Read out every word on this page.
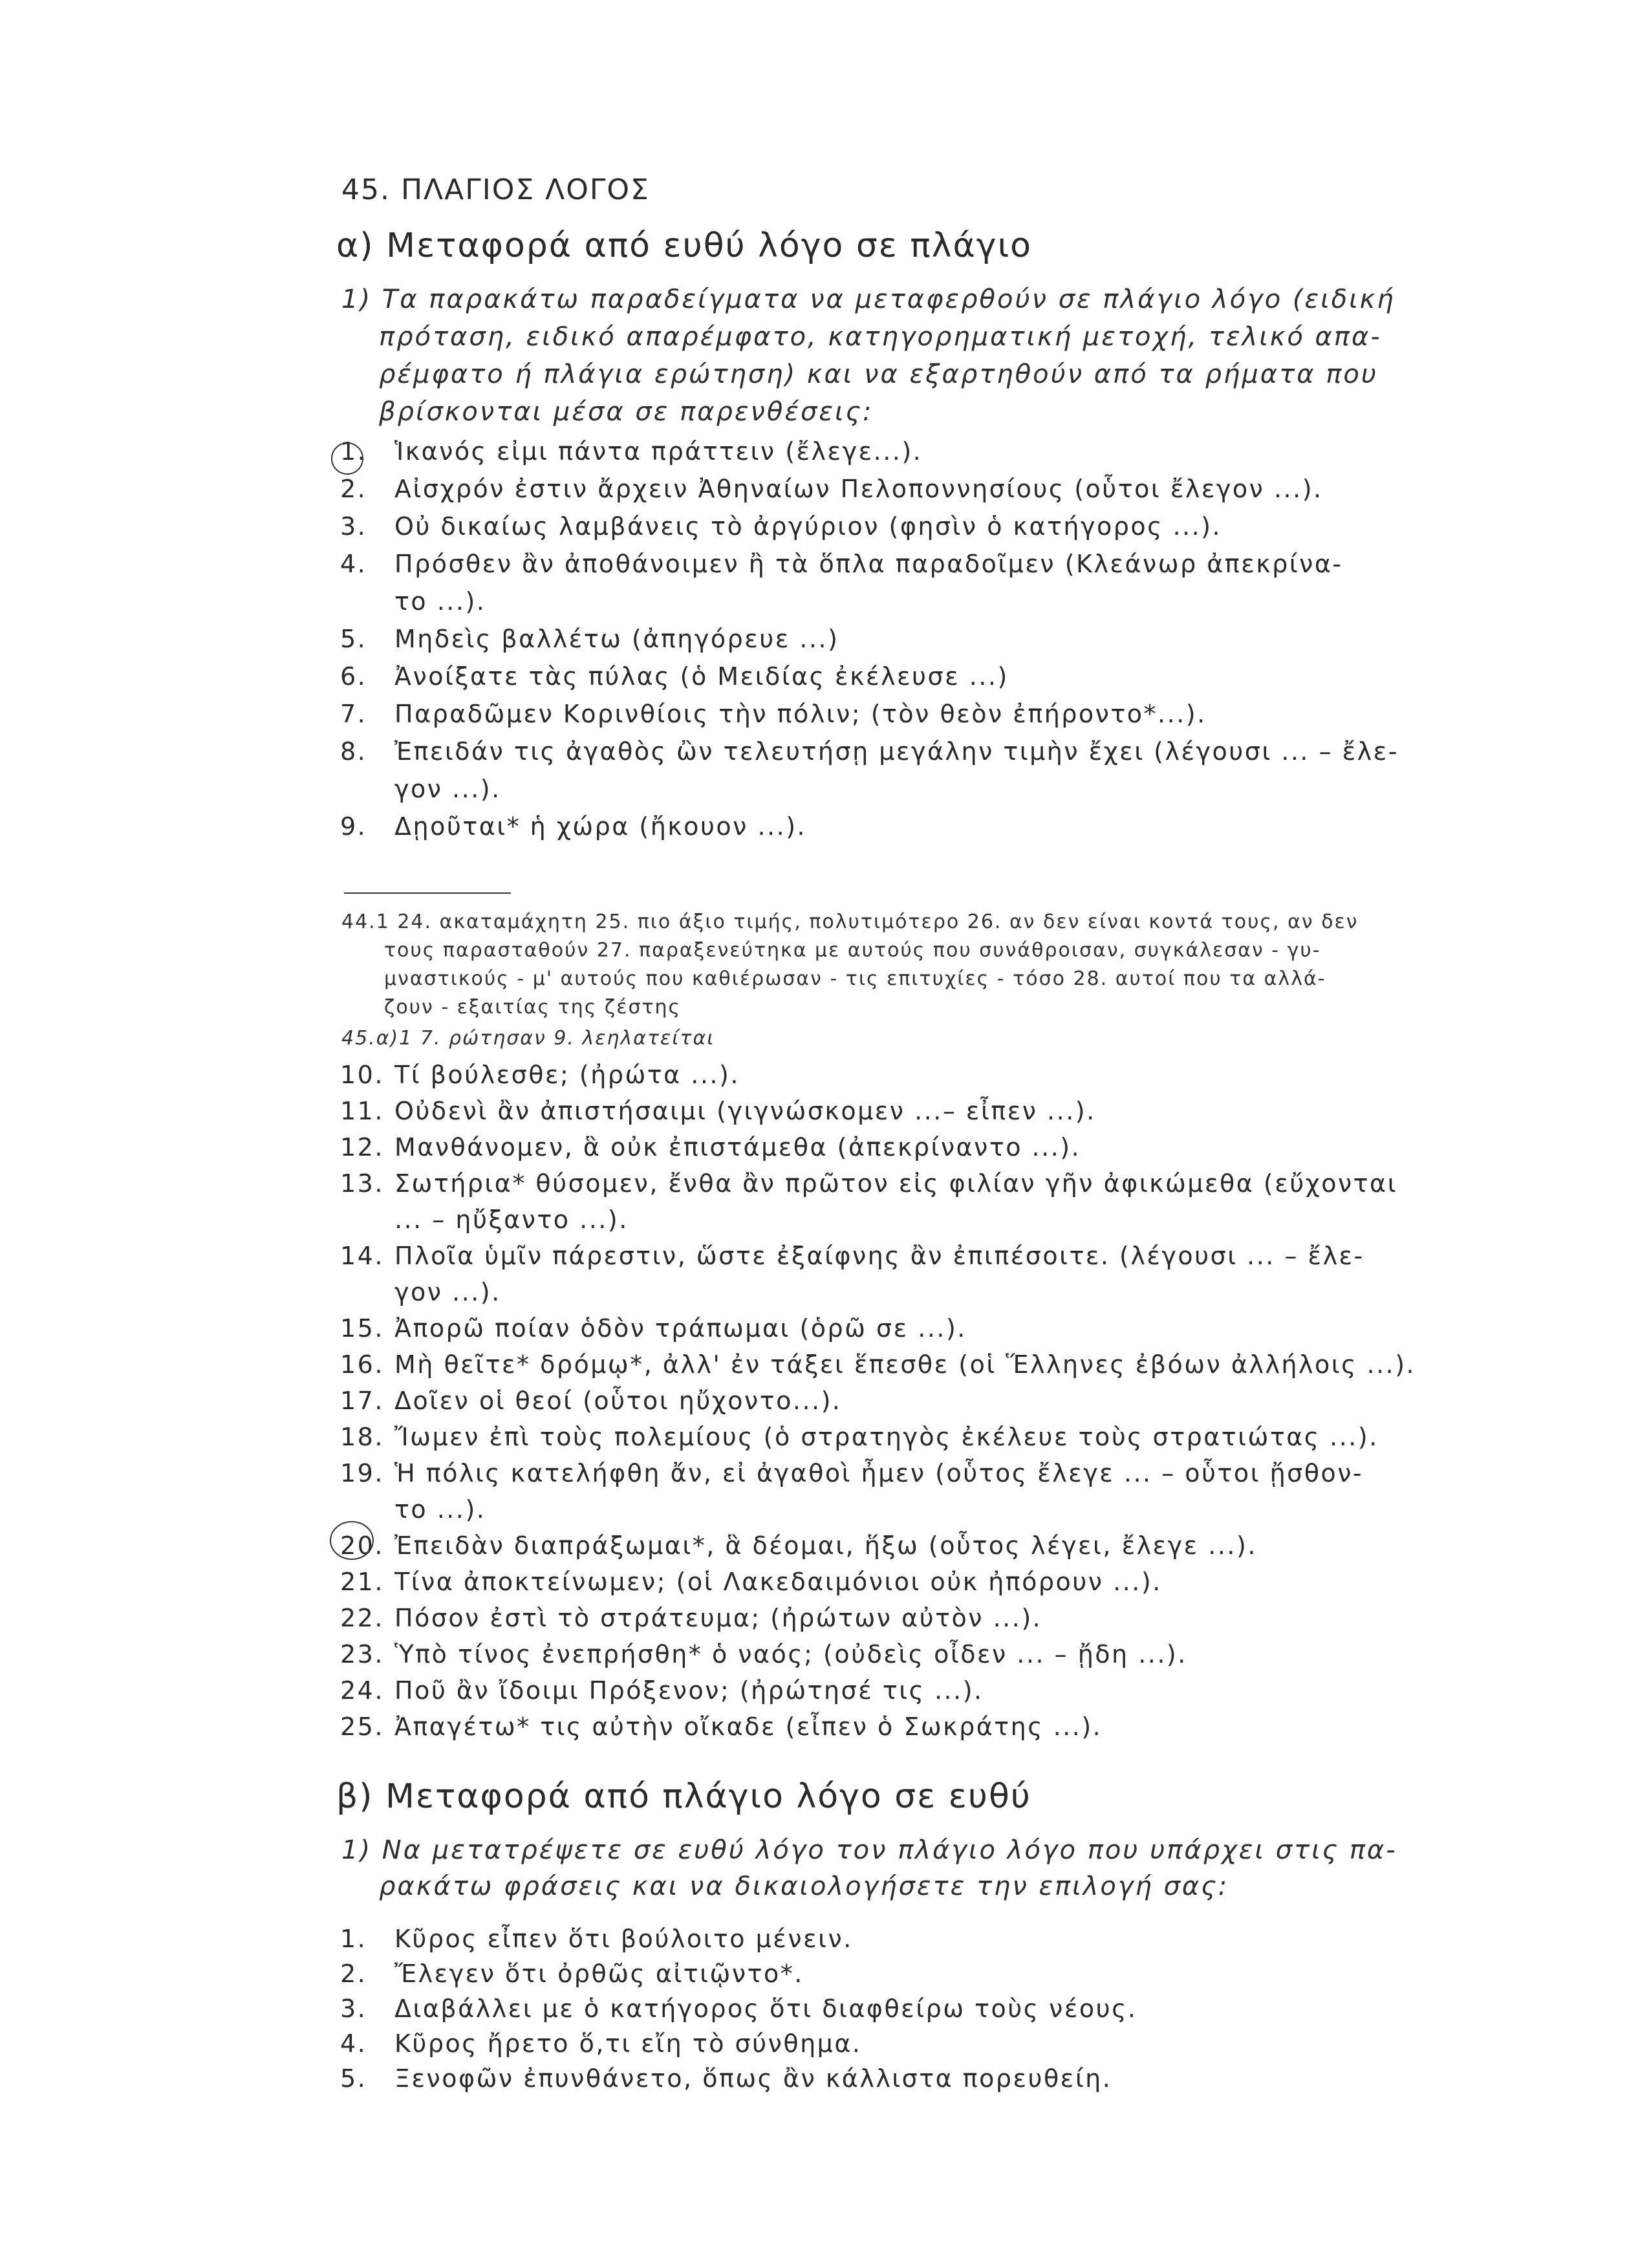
45. ΠΛΑΓΙΟΣ ΛΟΓΟΣ
α) Μεταφορά από ευθύ λόγο σε πλάγιο
1) Τα παρακάτω παραδείγματα να μεταφερθούν σε πλάγιο λόγο (ειδική
πρόταση, ειδικό απαρέμφατο, κατηγορηματική μετοχή, τελικό απα-
ρέμφατο ή πλάγια ερώτηση) και να εξαρτηθούν από τα ρήματα που
βρίσκονται μέσα σε παρενθέσεις:
1. Ἱκανός εἰμι πάντα πράττειν (ἔλεγε...).
2. Αἰσχρόν ἐστιν ἄρχειν Ἀθηναίων Πελοποννησίους (οὗτοι ἔλεγον ...).
3. Οὐ δικαίως λαμβάνεις τὸ ἀργύριον (φησὶν ὁ κατήγορος ...).
4. Πρόσθεν ἂν ἀποθάνοιμεν ἢ τὰ ὅπλα παραδοῖμεν (Κλεάνωρ ἀπεκρίνα-
το ...).
5. Μηδεὶς βαλλέτω (ἀπηγόρευε ...)
6. Ἀνοίξατε τὰς πύλας (ὁ Μειδίας ἐκέλευσε ...)
7. Παραδῶμεν Κορινθίοις τὴν πόλιν; (τὸν θεὸν ἐπήροντο*...).
8. Ἐπειδάν τις ἀγαθὸς ὢν τελευτήσῃ μεγάλην τιμὴν ἔχει (λέγουσι ... – ἔλε-
γον ...).
9. Δῃοῦται* ἡ χώρα (ἤκουον ...).
44.1 24. ακαταμάχητη 25. πιο άξιο τιμής, πολυτιμότερο 26. αν δεν είναι κοντά τους, αν δεν
τους παρασταθούν 27. παραξενεύτηκα με αυτούς που συνάθροισαν, συγκάλεσαν - γυ-
μναστικούς - μ' αυτούς που καθιέρωσαν - τις επιτυχίες - τόσο 28. αυτοί που τα αλλά-
ζουν - εξαιτίας της ζέστης
45.α)1 7. ρώτησαν 9. λεηλατείται
10. Τί βούλεσθε; (ἠρώτα ...).
11. Οὐδενὶ ἂν ἀπιστήσαιμι (γιγνώσκομεν ...– εἶπεν ...).
12. Μανθάνομεν, ἃ οὐκ ἐπιστάμεθα (ἀπεκρίναντο ...).
13. Σωτήρια* θύσομεν, ἔνθα ἂν πρῶτον εἰς φιλίαν γῆν ἀφικώμεθα (εὔχονται
... – ηὔξαντο ...).
14. Πλοῖα ὑμῖν πάρεστιν, ὥστε ἐξαίφνης ἂν ἐπιπέσοιτε. (λέγουσι ... – ἔλε-
γον ...).
15. Ἀπορῶ ποίαν ὁδὸν τράπωμαι (ὁρῶ σε ...).
16. Μὴ θεῖτε* δρόμῳ*, ἀλλ' ἐν τάξει ἕπεσθε (οἱ Ἕλληνες ἐβόων ἀλλήλοις ...).
17. Δοῖεν οἱ θεοί (οὗτοι ηὔχοντο...).
18. Ἴωμεν ἐπὶ τοὺς πολεμίους (ὁ στρατηγὸς ἐκέλευε τοὺς στρατιώτας ...).
19. Ἡ πόλις κατελήφθη ἄν, εἰ ἀγαθοὶ ἦμεν (οὗτος ἔλεγε ... – οὗτοι ᾔσθον-
το ...).
20. Ἐπειδὰν διαπράξωμαι*, ἃ δέομαι, ἥξω (οὗτος λέγει, ἔλεγε ...).
21. Τίνα ἀποκτείνωμεν; (οἱ Λακεδαιμόνιοι οὐκ ἠπόρουν ...).
22. Πόσον ἐστὶ τὸ στράτευμα; (ἠρώτων αὐτὸν ...).
23. Ὑπὸ τίνος ἐνεπρήσθη* ὁ ναός; (οὐδεὶς οἶδεν ... – ᾔδη ...).
24. Ποῦ ἂν ἴδοιμι Πρόξενον; (ἠρώτησέ τις ...).
25. Ἀπαγέτω* τις αὐτὴν οἴκαδε (εἶπεν ὁ Σωκράτης ...).
β) Μεταφορά από πλάγιο λόγο σε ευθύ
1) Να μετατρέψετε σε ευθύ λόγο τον πλάγιο λόγο που υπάρχει στις πα-
ρακάτω φράσεις και να δικαιολογήσετε την επιλογή σας:
1. Κῦρος εἶπεν ὅτι βούλοιτο μένειν.
2. Ἔλεγεν ὅτι ὀρθῶς αἰτιῷντο*.
3. Διαβάλλει με ὁ κατήγορος ὅτι διαφθείρω τοὺς νέους.
4. Κῦρος ἤρετο ὅ,τι εἴη τὸ σύνθημα.
5. Ξενοφῶν ἐπυνθάνετο, ὅπως ἂν κάλλιστα πορευθείη.
